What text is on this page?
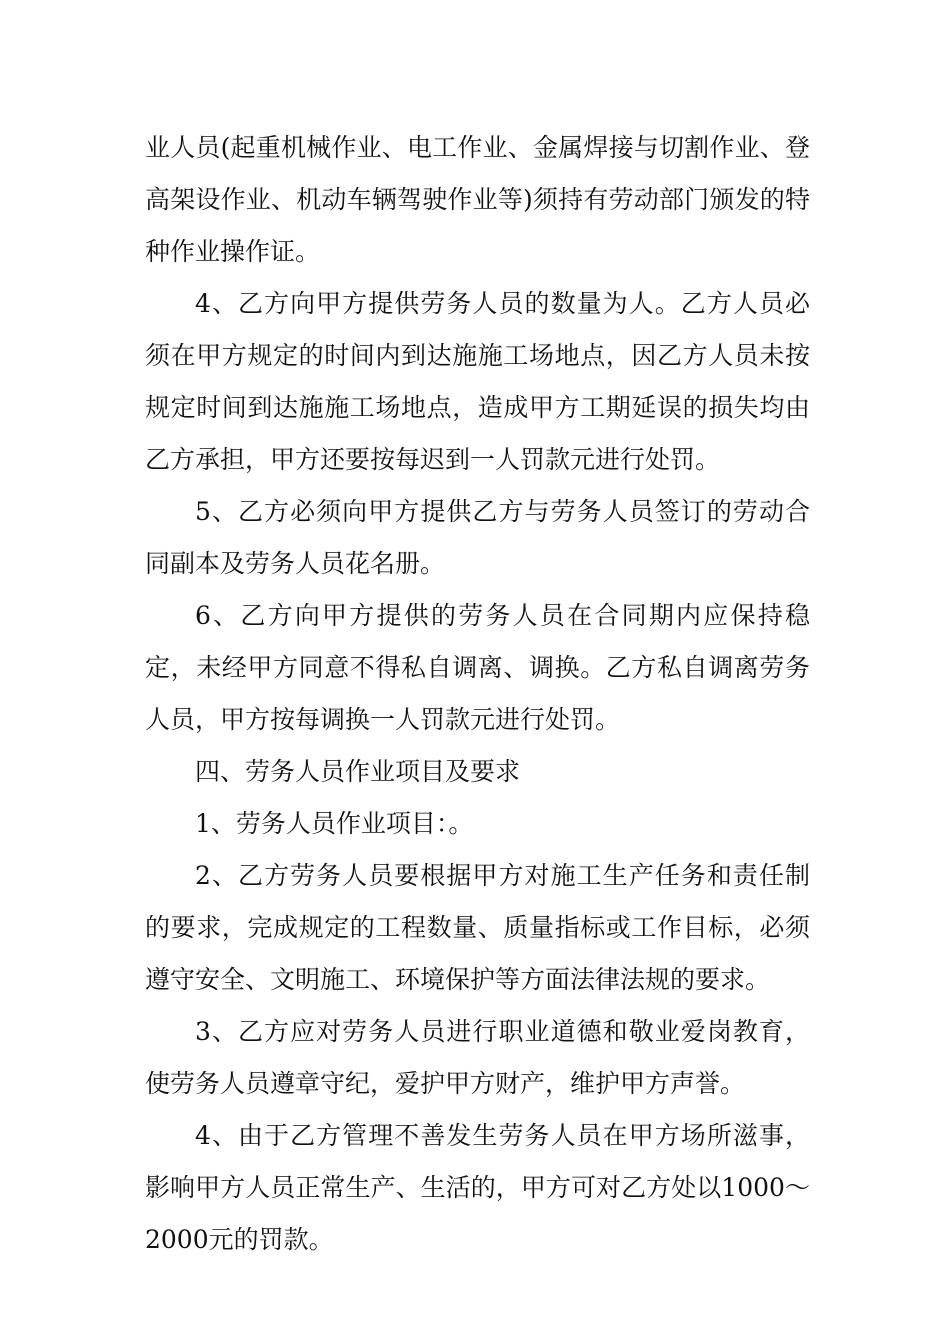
业人员(起重机械作业、电工作业、金属焊接与切割作业、登高架设作业、机动车辆驾驶作业等)须持有劳动部门颁发的特种作业操作证。

4、乙方向甲方提供劳务人员的数量为人。乙方人员必须在甲方规定的时间内到达施施工场地点，因乙方人员未按规定时间到达施施工场地点，造成甲方工期延误的损失均由乙方承担，甲方还要按每迟到一人罚款元进行处罚。

5、乙方必须向甲方提供乙方与劳务人员签订的劳动合同副本及劳务人员花名册。

6、乙方向甲方提供的劳务人员在合同期内应保持稳定，未经甲方同意不得私自调离、调换。乙方私自调离劳务人员，甲方按每调换一人罚款元进行处罚。

四、劳务人员作业项目及要求

1、劳务人员作业项目：。

2、乙方劳务人员要根据甲方对施工生产任务和责任制的要求，完成规定的工程数量、质量指标或工作目标，必须遵守安全、文明施工、环境保护等方面法律法规的要求。

3、乙方应对劳务人员进行职业道德和敬业爱岗教育，使劳务人员遵章守纪，爱护甲方财产，维护甲方声誉。

4、由于乙方管理不善发生劳务人员在甲方场所滋事，影响甲方人员正常生产、生活的，甲方可对乙方处以1000～2000元的罚款。
